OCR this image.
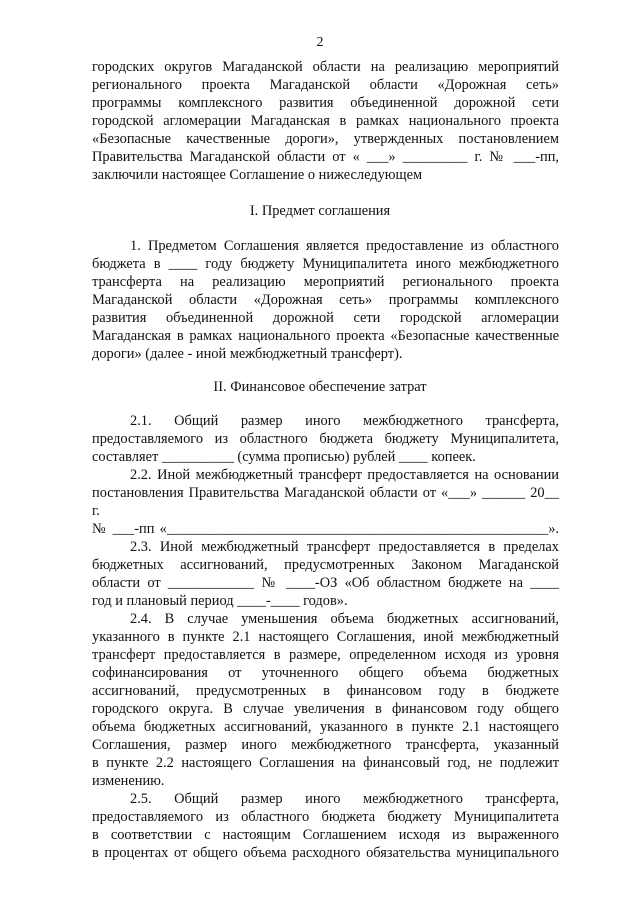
2
городских округов Магаданской области на реализацию мероприятий
регионального проекта Магаданской области «Дорожная сеть»
программы комплексного развития объединенной дорожной сети
городской агломерации Магаданская в рамках национального проекта
«Безопасные качественные дороги», утвержденных постановлением
Правительства Магаданской области от « ___» _________ г. № ___-пп,
заключили настоящее Соглашение о нижеследующем
I. Предмет соглашения
1. Предметом Соглашения является предоставление из областного
бюджета в ____ году бюджету Муниципалитета иного межбюджетного
трансферта на реализацию мероприятий регионального проекта
Магаданской области «Дорожная сеть» программы комплексного
развития объединенной дорожной сети городской агломерации
Магаданская в рамках национального проекта «Безопасные качественные
дороги» (далее - иной межбюджетный трансферт).
II. Финансовое обеспечение затрат
2.1. Общий размер иного межбюджетного трансферта,
предоставляемого из областного бюджета бюджету Муниципалитета,
составляет __________ (сумма прописью) рублей ____ копеек.
2.2. Иной межбюджетный трансферт предоставляется на основании
постановления Правительства Магаданской области от «___» ______ 20__
г.
№ ___-пп «_____________________________________________________».
2.3. Иной межбюджетный трансферт предоставляется в пределах
бюджетных ассигнований, предусмотренных Законом Магаданской
области от ____________ № ____-ОЗ «Об областном бюджете на ____
год и плановый период ____-____ годов».
2.4. В случае уменьшения объема бюджетных ассигнований,
указанного в пункте 2.1 настоящего Соглашения, иной межбюджетный
трансферт предоставляется в размере, определенном исходя из уровня
софинансирования от уточненного общего объема бюджетных
ассигнований, предусмотренных в финансовом году в бюджете
городского округа. В случае увеличения в финансовом году общего
объема бюджетных ассигнований, указанного в пункте 2.1 настоящего
Соглашения, размер иного межбюджетного трансферта, указанный
в пункте 2.2 настоящего Соглашения на финансовый год, не подлежит
изменению.
2.5. Общий размер иного межбюджетного трансферта,
предоставляемого из областного бюджета бюджету Муниципалитета
в соответствии с настоящим Соглашением исходя из выраженного
в процентах от общего объема расходного обязательства муниципального
